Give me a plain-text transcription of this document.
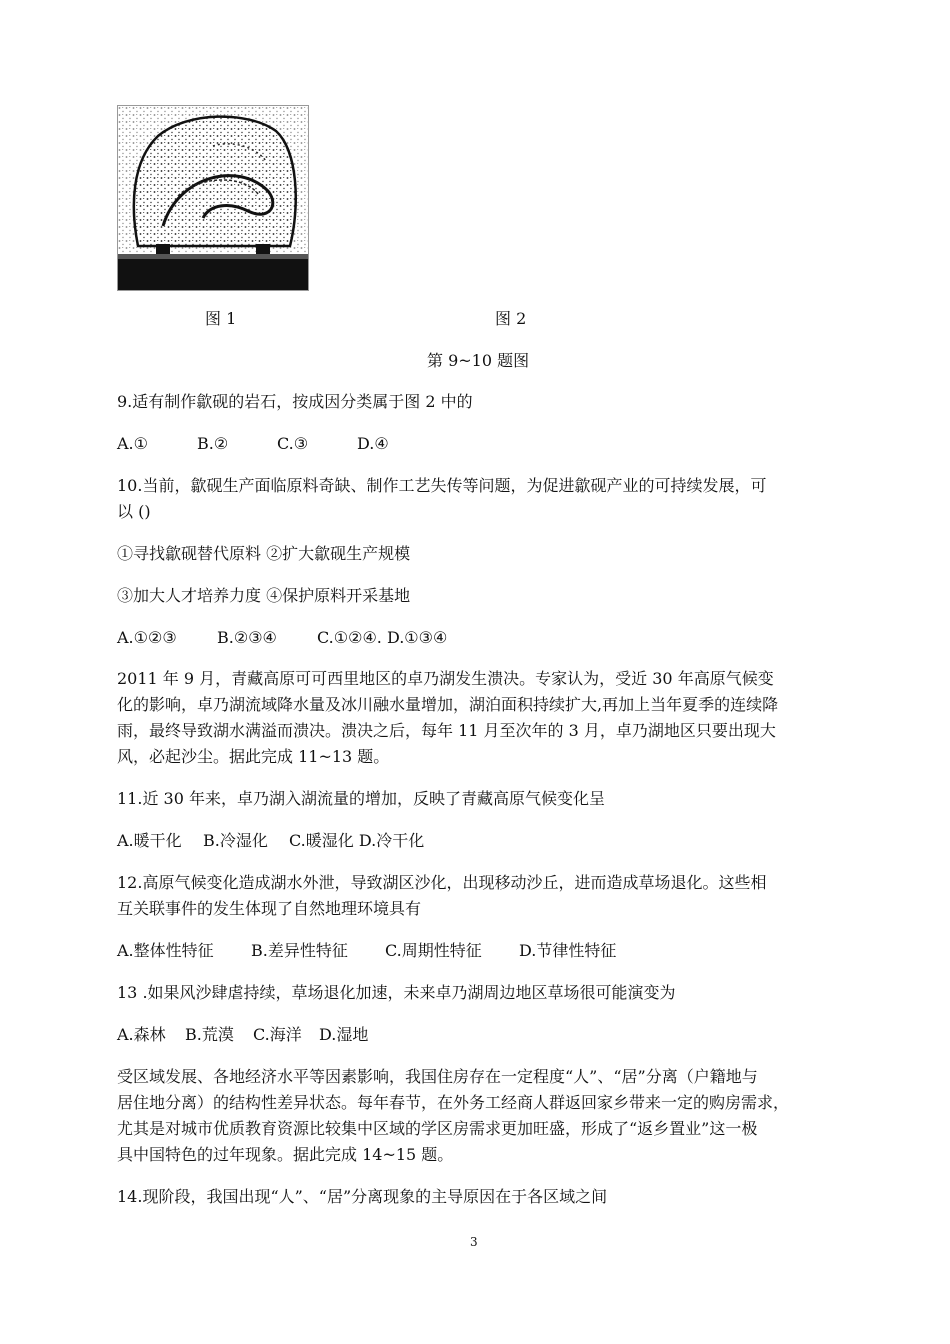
图 1	图 2
第 9~10 题图
9.适有制作歙砚的岩石，按成因分类属于图 2 中的
A.①	B.②	C.③	D.④
10.当前，歙砚生产面临原料奇缺、制作工艺失传等问题，为促进歙砚产业的可持续发展，可
以 ()
①寻找歙砚替代原料 ②扩大歙砚生产规模
③加大人才培养力度 ④保护原料开采基地
A.①②③	B.②③④	C.①②④. D.①③④
2011 年 9 月，青藏高原可可西里地区的卓乃湖发生溃决。专家认为，受近 30 年高原气候变
化的影响，卓乃湖流域降水量及冰川融水量增加，湖泊面积持续扩大,再加上当年夏季的连续降
雨，最终导致湖水满溢而溃决。溃决之后，每年 11 月至次年的 3 月，卓乃湖地区只要出现大
风，必起沙尘。据此完成 11~13 题。
11.近 30 年来，卓乃湖入湖流量的增加，反映了青藏高原气候变化呈
A.暖干化 B.冷湿化 C.暖湿化 D.冷干化
12.高原气候变化造成湖水外泄，导致湖区沙化，出现移动沙丘，进而造成草场退化。这些相
互关联事件的发生体现了自然地理环境具有
A.整体性特征 B.差异性特征 C.周期性特征 D.节律性特征
13 .如果风沙肆虐持续，草场退化加速，未来卓乃湖周边地区草场很可能演变为
A.森林 B.荒漠 C.海洋 D.湿地
受区域发展、各地经济水平等因素影响，我国住房存在一定程度“人”、“居”分离（户籍地与
居住地分离）的结构性差异状态。每年春节，在外务工经商人群返回家乡带来一定的购房需求，
尤其是对城市优质教育资源比较集中区域的学区房需求更加旺盛，形成了“返乡置业”这一极
具中国特色的过年现象。据此完成 14~15 题。
14.现阶段，我国出现“人”、“居”分离现象的主导原因在于各区域之间
3
